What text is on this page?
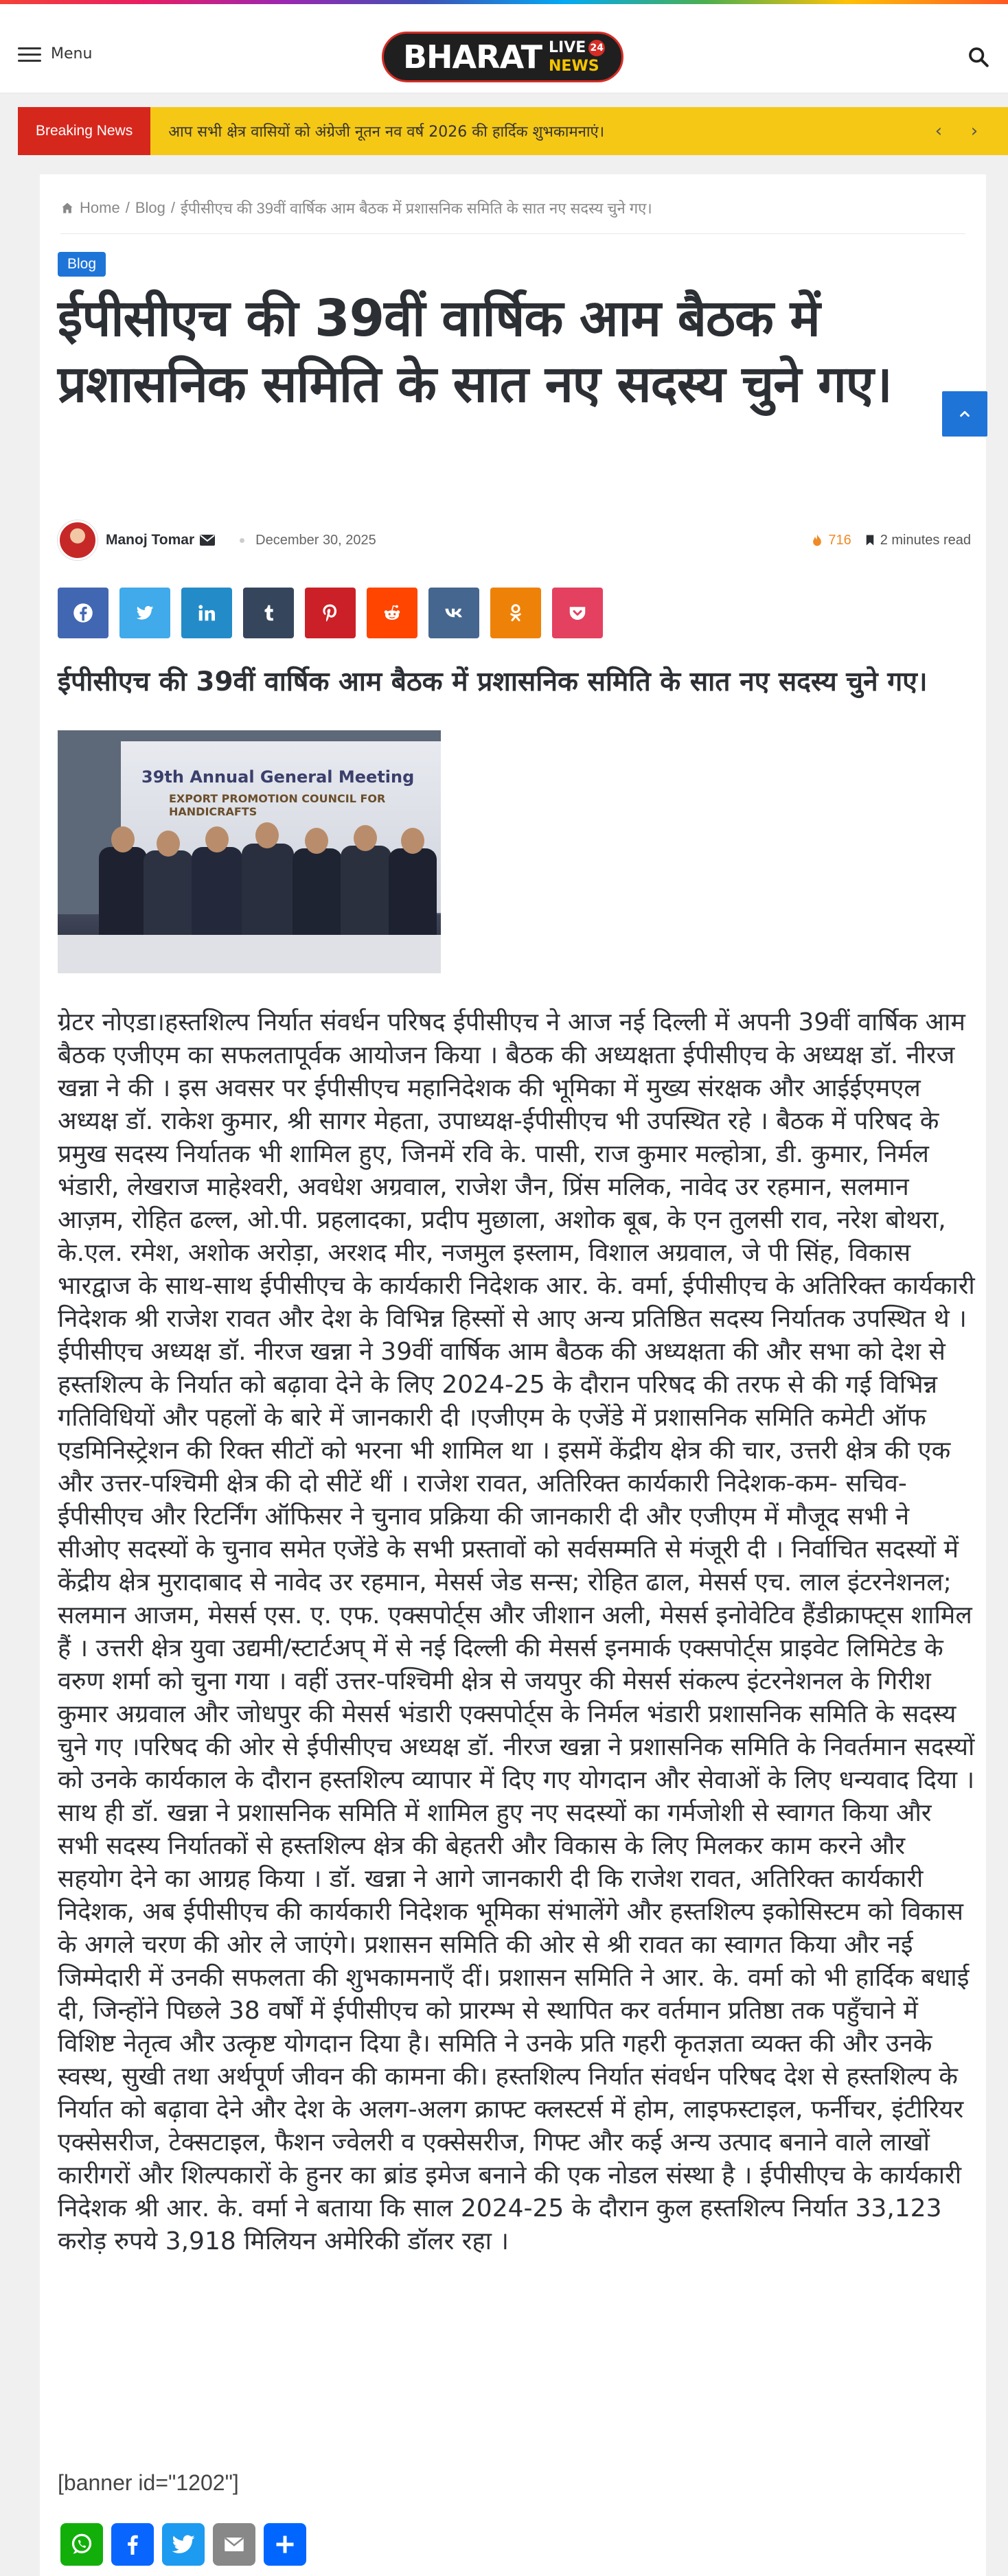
Menu	BHARAT LIVE 24
NEWS
Breaking News	आप सभी क्षेत्र वासियों को अंग्रेजी नूतन नव वर्ष 2026 की हार्दिक शुभकामनाएं।	‹ ›
Home / Blog / ईपीसीएच की 39वीं वार्षिक आम बैठक में प्रशासनिक समिति के सात नए सदस्य चुने गए।
Blog
ईपीसीएच की 39वीं वार्षिक आम बैठक में प्रशासनिक समिति के सात नए सदस्य चुने गए।
Manoj Tomar	December 30, 2025	716 2 minutes read

ईपीसीएच की 39वीं वार्षिक आम बैठक में प्रशासनिक समिति के सात नए सदस्य चुने गए।

39th Annual General Meeting
EXPORT PROMOTION COUNCIL FOR HANDICRAFTS

ग्रेटर नोएडा।हस्तशिल्प निर्यात संवर्धन परिषद ईपीसीएच ने आज नई दिल्ली में अपनी 39वीं वार्षिक आम बैठक एजीएम का सफलतापूर्वक आयोजन किया । बैठक की अध्यक्षता ईपीसीएच के अध्यक्ष डॉ. नीरज खन्ना ने की । इस अवसर पर ईपीसीएच महानिदेशक की भूमिका में मुख्य संरक्षक और आईईएमएल अध्यक्ष डॉ. राकेश कुमार, श्री सागर मेहता, उपाध्यक्ष-ईपीसीएच भी उपस्थित रहे । बैठक में परिषद के प्रमुख सदस्य निर्यातक भी शामिल हुए, जिनमें रवि के. पासी, राज कुमार मल्होत्रा, डी. कुमार, निर्मल भंडारी, लेखराज माहेश्वरी, अवधेश अग्रवाल, राजेश जैन, प्रिंस मलिक, नावेद उर रहमान, सलमान आज़म, रोहित ढल्ल, ओ.पी. प्रहलादका, प्रदीप मुछाला, अशोक बूब, के एन तुलसी राव, नरेश बोथरा, के.एल. रमेश, अशोक अरोड़ा, अरशद मीर, नजमुल इस्लाम, विशाल अग्रवाल, जे पी सिंह, विकास भारद्वाज के साथ-साथ ईपीसीएच के कार्यकारी निदेशक आर. के. वर्मा, ईपीसीएच के अतिरिक्त कार्यकारी निदेशक श्री राजेश रावत और देश के विभिन्न हिस्सों से आए अन्य प्रतिष्ठित सदस्य निर्यातक उपस्थित थे ।ईपीसीएच अध्यक्ष डॉ. नीरज खन्ना ने 39वीं वार्षिक आम बैठक की अध्यक्षता की और सभा को देश से हस्तशिल्प के निर्यात को बढ़ावा देने के लिए 2024-25 के दौरान परिषद की तरफ से की गई विभिन्न गतिविधियों और पहलों के बारे में जानकारी दी ।एजीएम के एजेंडे में प्रशासनिक समिति कमेटी ऑफ एडमिनिस्ट्रेशन की रिक्त सीटों को भरना भी शामिल था । इसमें केंद्रीय क्षेत्र की चार, उत्तरी क्षेत्र की एक और उत्तर-पश्चिमी क्षेत्र की दो सीटें थीं । राजेश रावत, अतिरिक्त कार्यकारी निदेशक-कम- सचिव-ईपीसीएच और रिटर्निंग ऑफिसर ने चुनाव प्रक्रिया की जानकारी दी और एजीएम में मौजूद सभी ने सीओए सदस्यों के चुनाव समेत एजेंडे के सभी प्रस्तावों को सर्वसम्मति से मंजूरी दी । निर्वाचित सदस्यों में केंद्रीय क्षेत्र मुरादाबाद से नावेद उर रहमान, मेसर्स जेड सन्स; रोहित ढाल, मेसर्स एच. लाल इंटरनेशनल; सलमान आजम, मेसर्स एस. ए. एफ. एक्सपोर्ट्स और जीशान अली, मेसर्स इनोवेटिव हैंडीक्राफ्ट्स शामिल हैं । उत्तरी क्षेत्र युवा उद्यमी/स्टार्टअप् में से नई दिल्ली की मेसर्स इनमार्क एक्सपोर्ट्स प्राइवेट लिमिटेड के वरुण शर्मा को चुना गया । वहीं उत्तर-पश्चिमी क्षेत्र से जयपुर की मेसर्स संकल्प इंटरनेशनल के गिरीश कुमार अग्रवाल और जोधपुर की मेसर्स भंडारी एक्सपोर्ट्स के निर्मल भंडारी प्रशासनिक समिति के सदस्य चुने गए ।परिषद की ओर से ईपीसीएच अध्यक्ष डॉ. नीरज खन्ना ने प्रशासनिक समिति के निवर्तमान सदस्यों को उनके कार्यकाल के दौरान हस्तशिल्प व्यापार में दिए गए योगदान और सेवाओं के लिए धन्यवाद दिया । साथ ही डॉ. खन्ना ने प्रशासनिक समिति में शामिल हुए नए सदस्यों का गर्मजोशी से स्वागत किया और सभी सदस्य निर्यातकों से हस्तशिल्प क्षेत्र की बेहतरी और विकास के लिए मिलकर काम करने और सहयोग देने का आग्रह किया । डॉ. खन्ना ने आगे जानकारी दी कि राजेश रावत, अतिरिक्त कार्यकारी निदेशक, अब ईपीसीएच की कार्यकारी निदेशक भूमिका संभालेंगे और हस्तशिल्प इकोसिस्टम को विकास के अगले चरण की ओर ले जाएंगे। प्रशासन समिति की ओर से श्री रावत का स्वागत किया और नई जिम्मेदारी में उनकी सफलता की शुभकामनाएँ दीं। प्रशासन समिति ने आर. के. वर्मा को भी हार्दिक बधाई दी, जिन्होंने पिछले 38 वर्षों में ईपीसीएच को प्रारम्भ से स्थापित कर वर्तमान प्रतिष्ठा तक पहुँचाने में विशिष्ट नेतृत्व और उत्कृष्ट योगदान दिया है। समिति ने उनके प्रति गहरी कृतज्ञता व्यक्त की और उनके स्वस्थ, सुखी तथा अर्थपूर्ण जीवन की कामना की। हस्तशिल्प निर्यात संवर्धन परिषद देश से हस्तशिल्प के निर्यात को बढ़ावा देने और देश के अलग-अलग क्राफ्ट क्लस्टर्स में होम, लाइफस्टाइल, फर्नीचर, इंटीरियर एक्सेसरीज, टेक्सटाइल, फैशन ज्वेलरी व एक्सेसरीज, गिफ्ट और कई अन्य उत्पाद बनाने वाले लाखों कारीगरों और शिल्पकारों के हुनर का ब्रांड इमेज बनाने की एक नोडल संस्था है । ईपीसीएच के कार्यकारी निदेशक श्री आर. के. वर्मा ने बताया कि साल 2024-25 के दौरान कुल हस्तशिल्प निर्यात 33,123 करोड़ रुपये 3,918 मिलियन अमेरिकी डॉलर रहा ।

[banner id="1202"]
